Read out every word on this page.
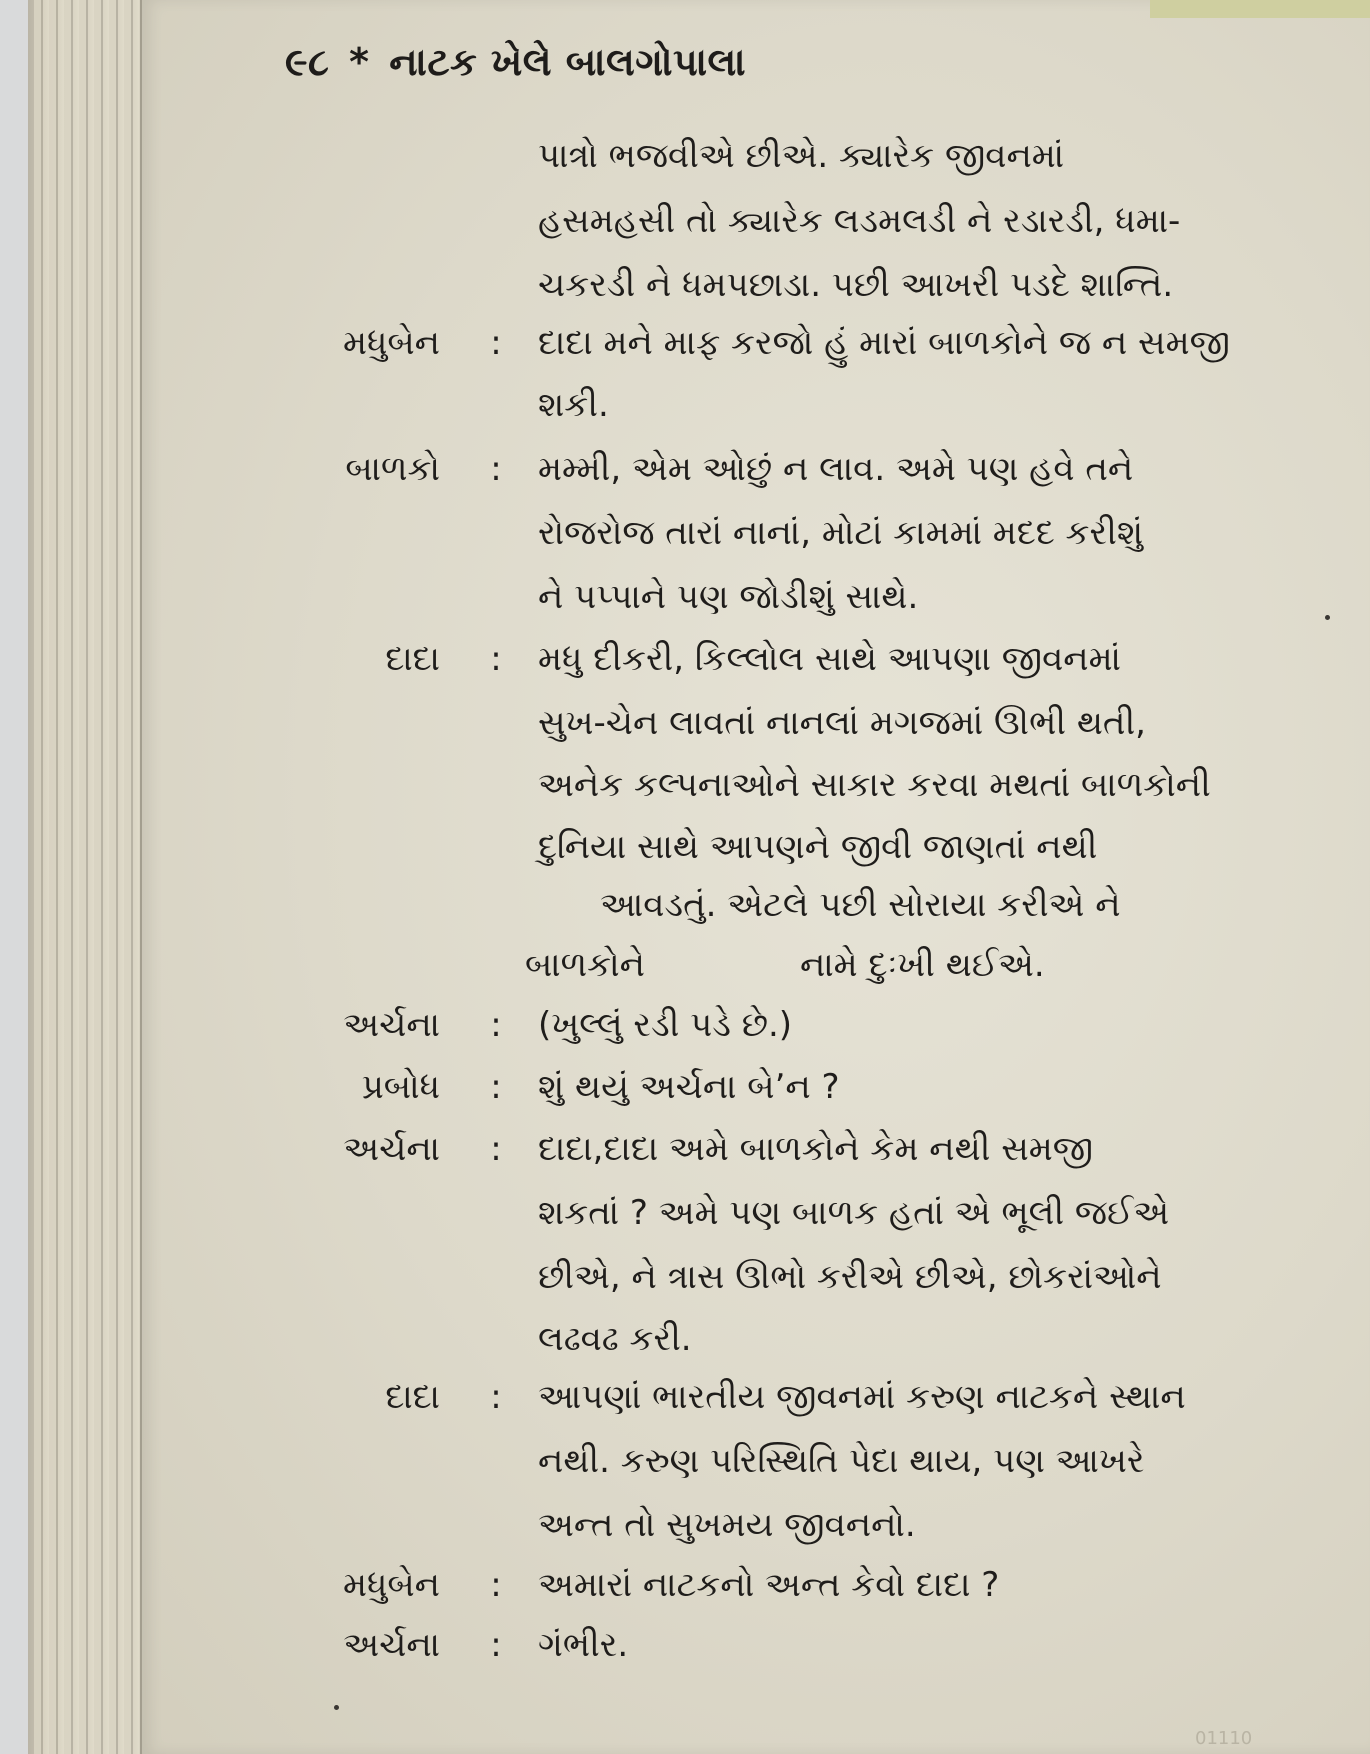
૯૮ * નાટક ખેલે બાલગોપાલા
પાત્રો ભજવીએ છીએ. ક્યારેક જીવનમાં
હસમહસી તો ક્યારેક લડમલડી ને રડારડી, ધમા-
ચકરડી ને ધમપછાડા. પછી આખરી પડદે શાન્તિ.
મધુબેન : દાદા મને માફ કરજો હું મારાં બાળકોને જ ન સમજી
શકી.
બાળકો : મમ્મી, એમ ઓછું ન લાવ. અમે પણ હવે તને
રોજરોજ તારાં નાનાં, મોટાં કામમાં મદદ કરીશું
ને પપ્પાને પણ જોડીશું સાથે.
દાદા : મધુ દીકરી, કિલ્લોલ સાથે આપણા જીવનમાં
સુખ-ચેન લાવતાં નાનલાં મગજમાં ઊભી થતી,
અનેક કલ્પનાઓને સાકાર કરવા મથતાં બાળકોની
દુનિયા સાથે આપણને જીવી જાણતાં નથી
આવડતું. એટલે પછી સોરાયા કરીએ ને
બાળકોને	નામે દુઃખી થઈએ.
અર્ચના : (ખુલ્લું રડી પડે છે.)
પ્રબોધ : શું થયું અર્ચના બે’ન ?
અર્ચના : દાદા,દાદા અમે બાળકોને કેમ નથી સમજી
શકતાં ? અમે પણ બાળક હતાં એ ભૂલી જઈએ
છીએ, ને ત્રાસ ઊભો કરીએ છીએ, છોકરાંઓને
લઢવઢ કરી.
દાદા : આપણાં ભારતીય જીવનમાં કરુણ નાટકને સ્થાન
નથી. કરુણ પરિસ્થિતિ પેદા થાય, પણ આખરે
અન્ત તો સુખમય જીવનનો.
મધુબેન : અમારાં નાટકનો અન્ત કેવો દાદા ?
અર્ચના : ગંભીર.
01110
